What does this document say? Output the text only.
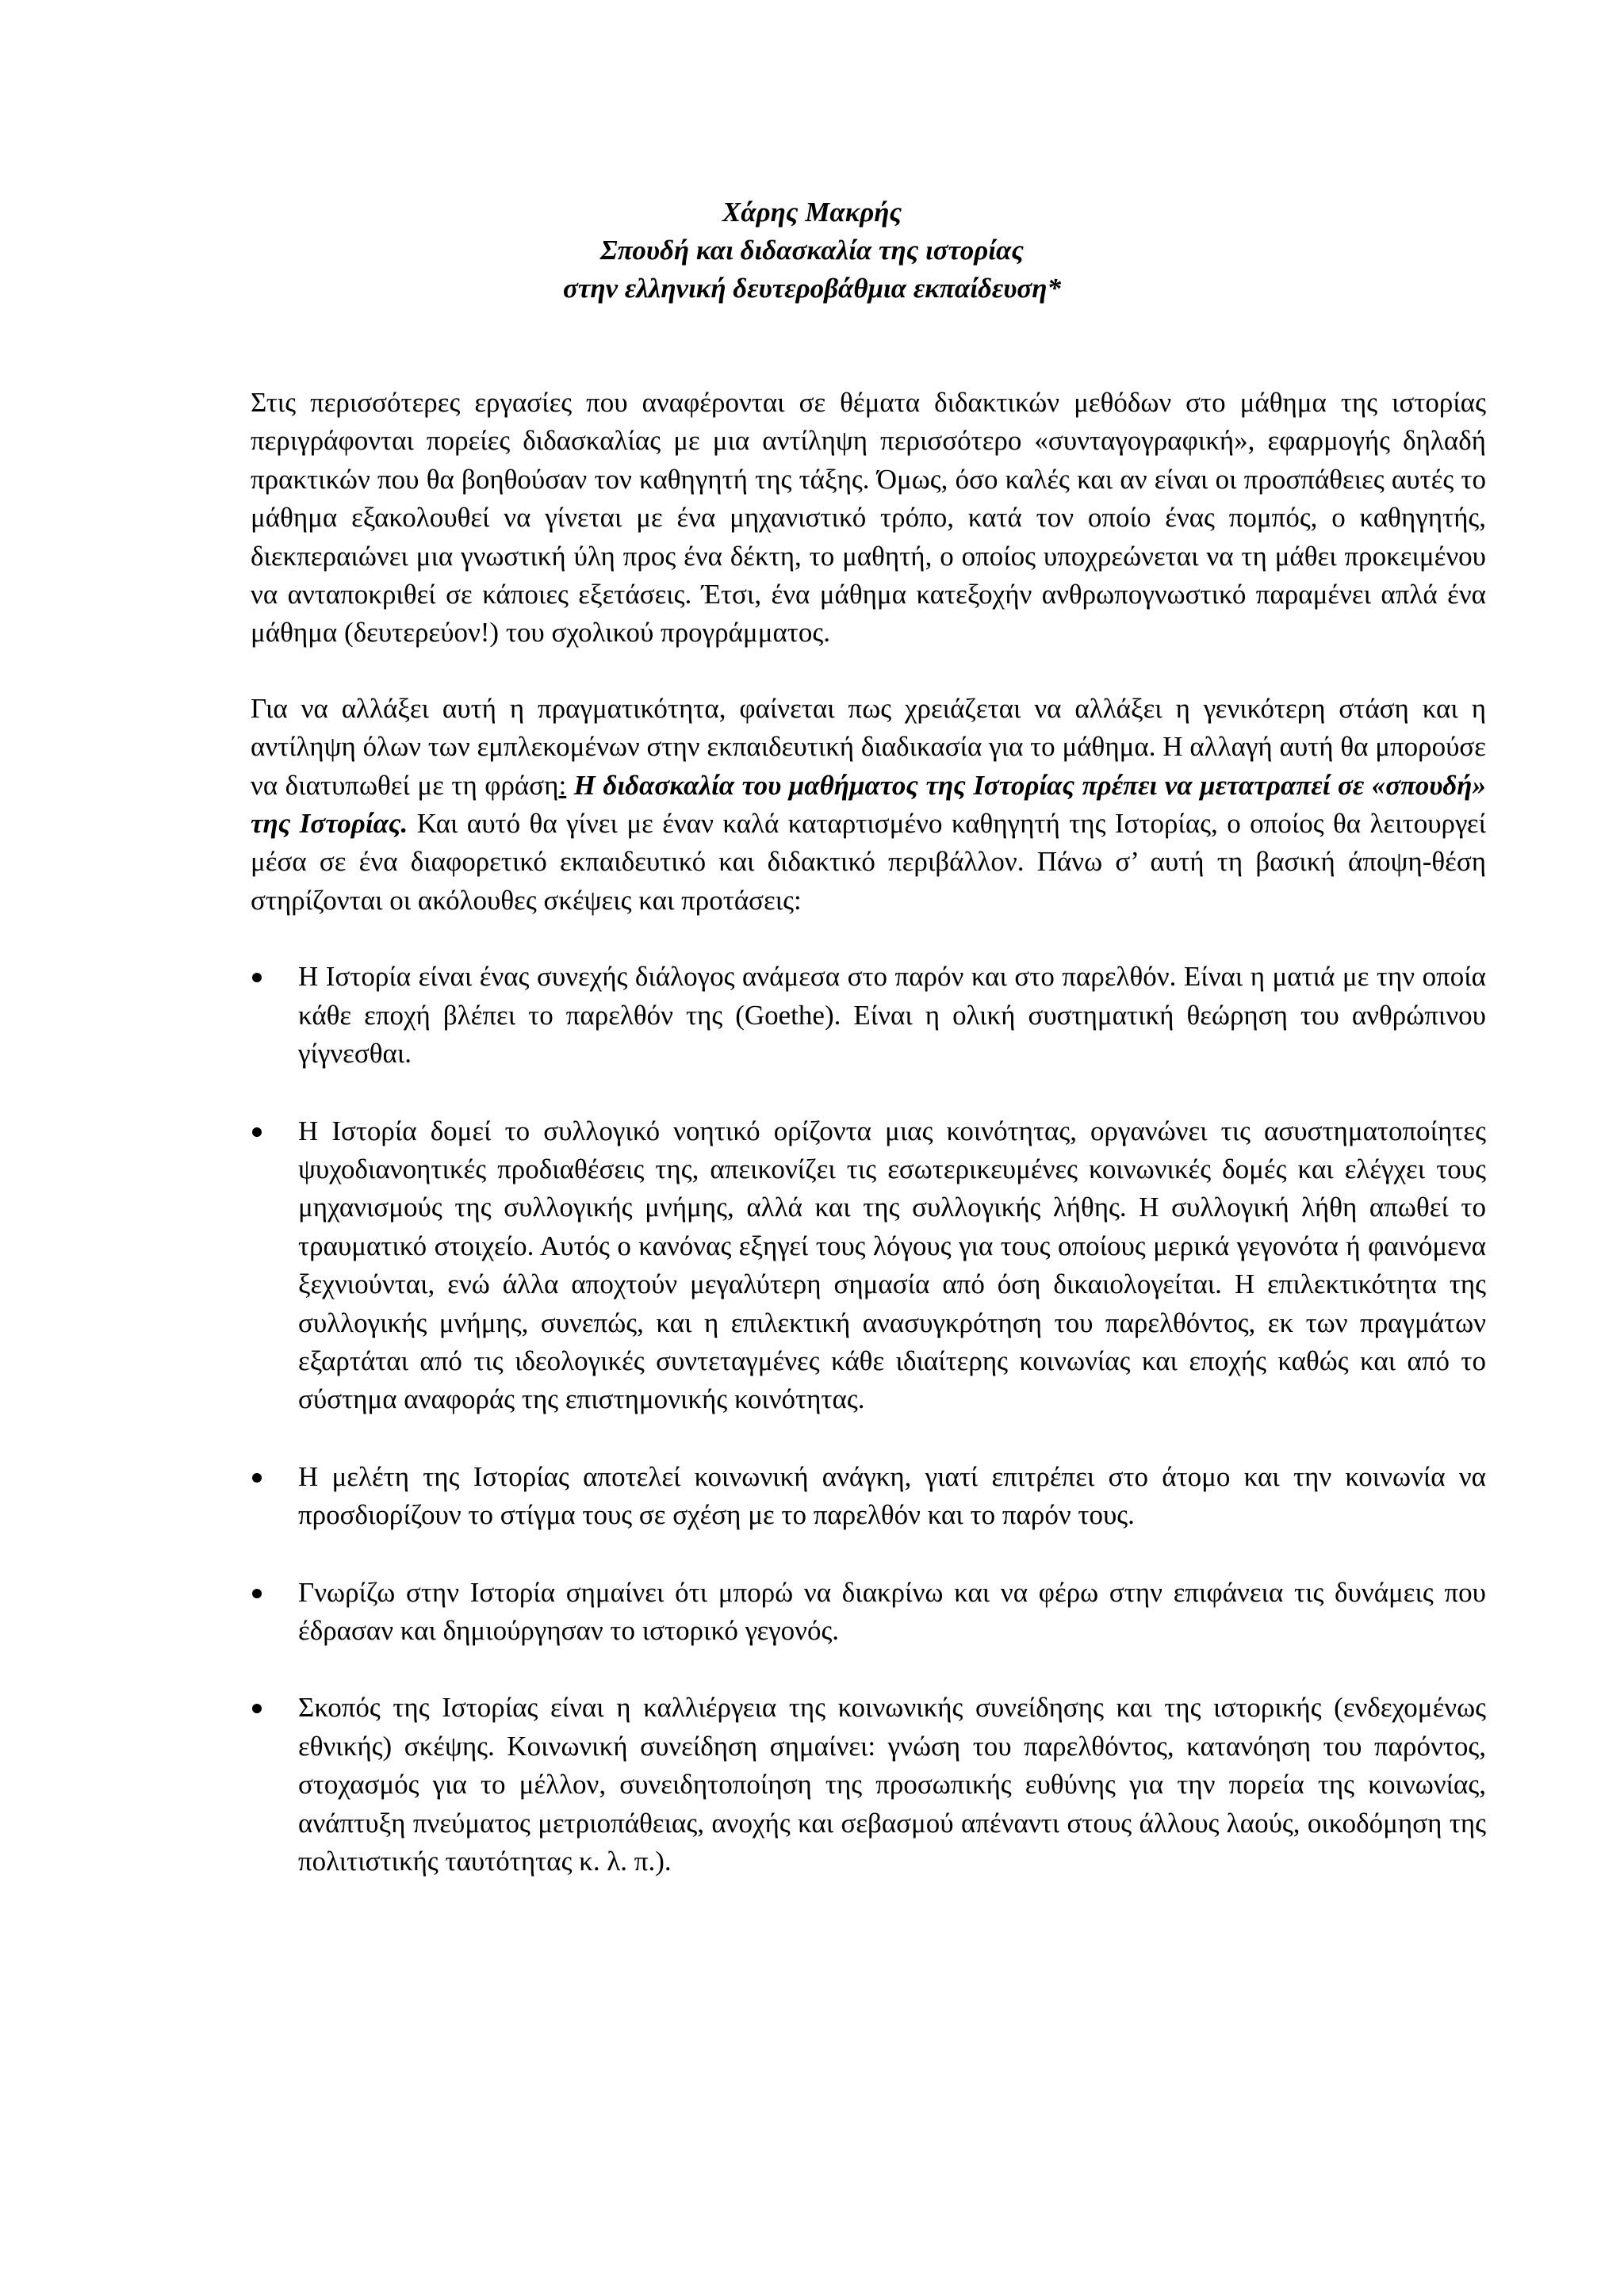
Χάρης Μακρής
Σπουδή και διδασκαλία της ιστορίας
στην ελληνική δευτεροβάθμια εκπαίδευση*

Στις περισσότερες εργασίες που αναφέρονται σε θέματα διδακτικών μεθόδων στο μάθημα της ιστορίας περιγράφονται πορείες διδασκαλίας με μια αντίληψη περισσότερο «συνταγογραφική», εφαρμογής δηλαδή πρακτικών που θα βοηθούσαν τον καθηγητή της τάξης. Όμως, όσο καλές και αν είναι οι προσπάθειες αυτές το μάθημα εξακολουθεί να γίνεται με ένα μηχανιστικό τρόπο, κατά τον οποίο ένας πομπός, ο καθηγητής, διεκπεραιώνει μια γνωστική ύλη προς ένα δέκτη, το μαθητή, ο οποίος υποχρεώνεται να τη μάθει προκειμένου να ανταποκριθεί σε κάποιες εξετάσεις. Έτσι, ένα μάθημα κατεξοχήν ανθρωπογνωστικό παραμένει απλά ένα μάθημα (δευτερεύον!) του σχολικού προγράμματος.

Για να αλλάξει αυτή η πραγματικότητα, φαίνεται πως χρειάζεται να αλλάξει η γενικότερη στάση και η αντίληψη όλων των εμπλεκομένων στην εκπαιδευτική διαδικασία για το μάθημα. Η αλλαγή αυτή θα μπορούσε να διατυπωθεί με τη φράση: Η διδασκαλία του μαθήματος της Ιστορίας πρέπει να μετατραπεί σε «σπουδή» της Ιστορίας. Και αυτό θα γίνει με έναν καλά καταρτισμένο καθηγητή της Ιστορίας, ο οποίος θα λειτουργεί μέσα σε ένα διαφορετικό εκπαιδευτικό και διδακτικό περιβάλλον. Πάνω σ’ αυτή τη βασική άποψη-θέση στηρίζονται οι ακόλουθες σκέψεις και προτάσεις:

Η Ιστορία είναι ένας συνεχής διάλογος ανάμεσα στο παρόν και στο παρελθόν. Είναι η ματιά με την οποία κάθε εποχή βλέπει το παρελθόν της (Goethe). Είναι η ολική συστηματική θεώρηση του ανθρώπινου γίγνεσθαι.
Η Ιστορία δομεί το συλλογικό νοητικό ορίζοντα μιας κοινότητας, οργανώνει τις ασυστηματοποίητες ψυχοδιανοητικές προδιαθέσεις της, απεικονίζει τις εσωτερικευμένες κοινωνικές δομές και ελέγχει τους μηχανισμούς της συλλογικής μνήμης, αλλά και της συλλογικής λήθης. Η συλλογική λήθη απωθεί το τραυματικό στοιχείο. Αυτός ο κανόνας εξηγεί τους λόγους για τους οποίους μερικά γεγονότα ή φαινόμενα ξεχνιούνται, ενώ άλλα αποχτούν μεγαλύτερη σημασία από όση δικαιολογείται. Η επιλεκτικότητα της συλλογικής μνήμης, συνεπώς, και η επιλεκτική ανασυγκρότηση του παρελθόντος, εκ των πραγμάτων εξαρτάται από τις ιδεολογικές συντεταγμένες κάθε ιδιαίτερης κοινωνίας και εποχής καθώς και από το σύστημα αναφοράς της επιστημονικής κοινότητας.
Η μελέτη της Ιστορίας αποτελεί κοινωνική ανάγκη, γιατί επιτρέπει στο άτομο και την κοινωνία να προσδιορίζουν το στίγμα τους σε σχέση με το παρελθόν και το παρόν τους.
Γνωρίζω στην Ιστορία σημαίνει ότι μπορώ να διακρίνω και να φέρω στην επιφάνεια τις δυνάμεις που έδρασαν και δημιούργησαν το ιστορικό γεγονός.
Σκοπός της Ιστορίας είναι η καλλιέργεια της κοινωνικής συνείδησης και της ιστορικής (ενδεχομένως εθνικής) σκέψης. Κοινωνική συνείδηση σημαίνει: γνώση του παρελθόντος, κατανόηση του παρόντος, στοχασμός για το μέλλον, συνειδητοποίηση της προσωπικής ευθύνης για την πορεία της κοινωνίας, ανάπτυξη πνεύματος μετριοπάθειας, ανοχής και σεβασμού απέναντι στους άλλους λαούς, οικοδόμηση της πολιτιστικής ταυτότητας κ. λ. π.).
